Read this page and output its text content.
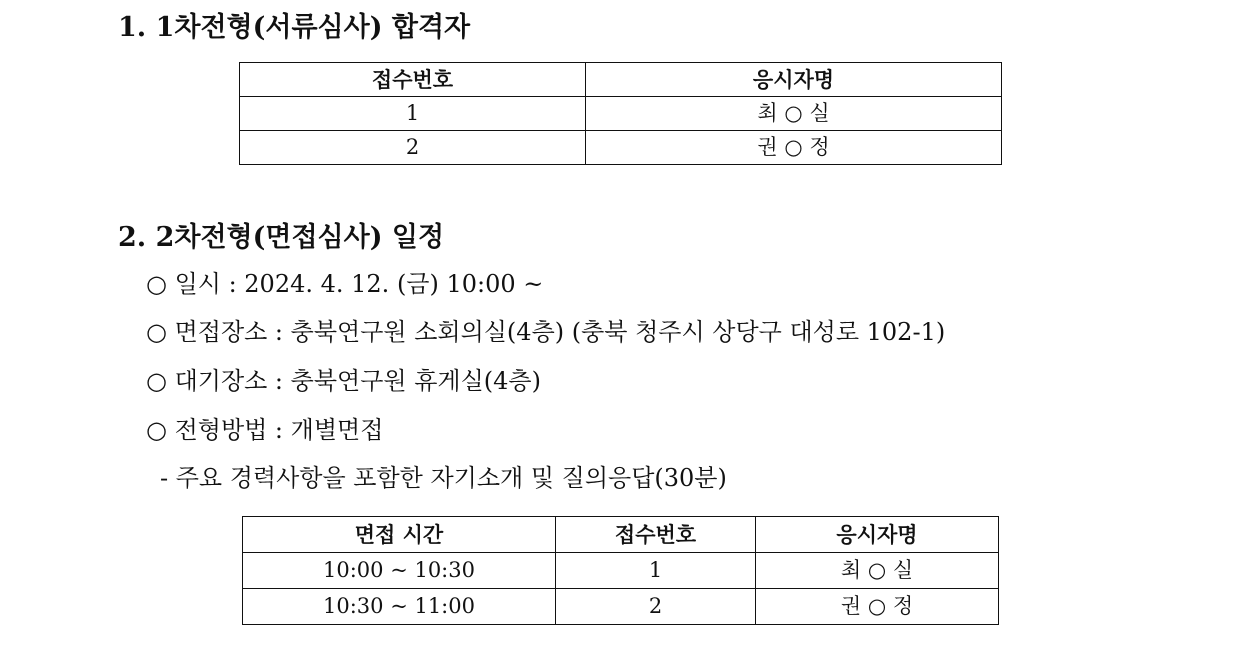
1. 1차전형(서류심사) 합격자
접수번호	응시자명
1	최 ○ 실
2	권 ○ 정
2. 2차전형(면접심사) 일정
○ 일시 : 2024. 4. 12. (금) 10:00 ~
○ 면접장소 : 충북연구원 소회의실(4층) (충북 청주시 상당구 대성로 102-1)
○ 대기장소 : 충북연구원 휴게실(4층)
○ 전형방법 : 개별면접
- 주요 경력사항을 포함한 자기소개 및 질의응답(30분)
면접 시간	접수번호	응시자명
10:00 ~ 10:30	1	최 ○ 실
10:30 ~ 11:00	2	권 ○ 정
